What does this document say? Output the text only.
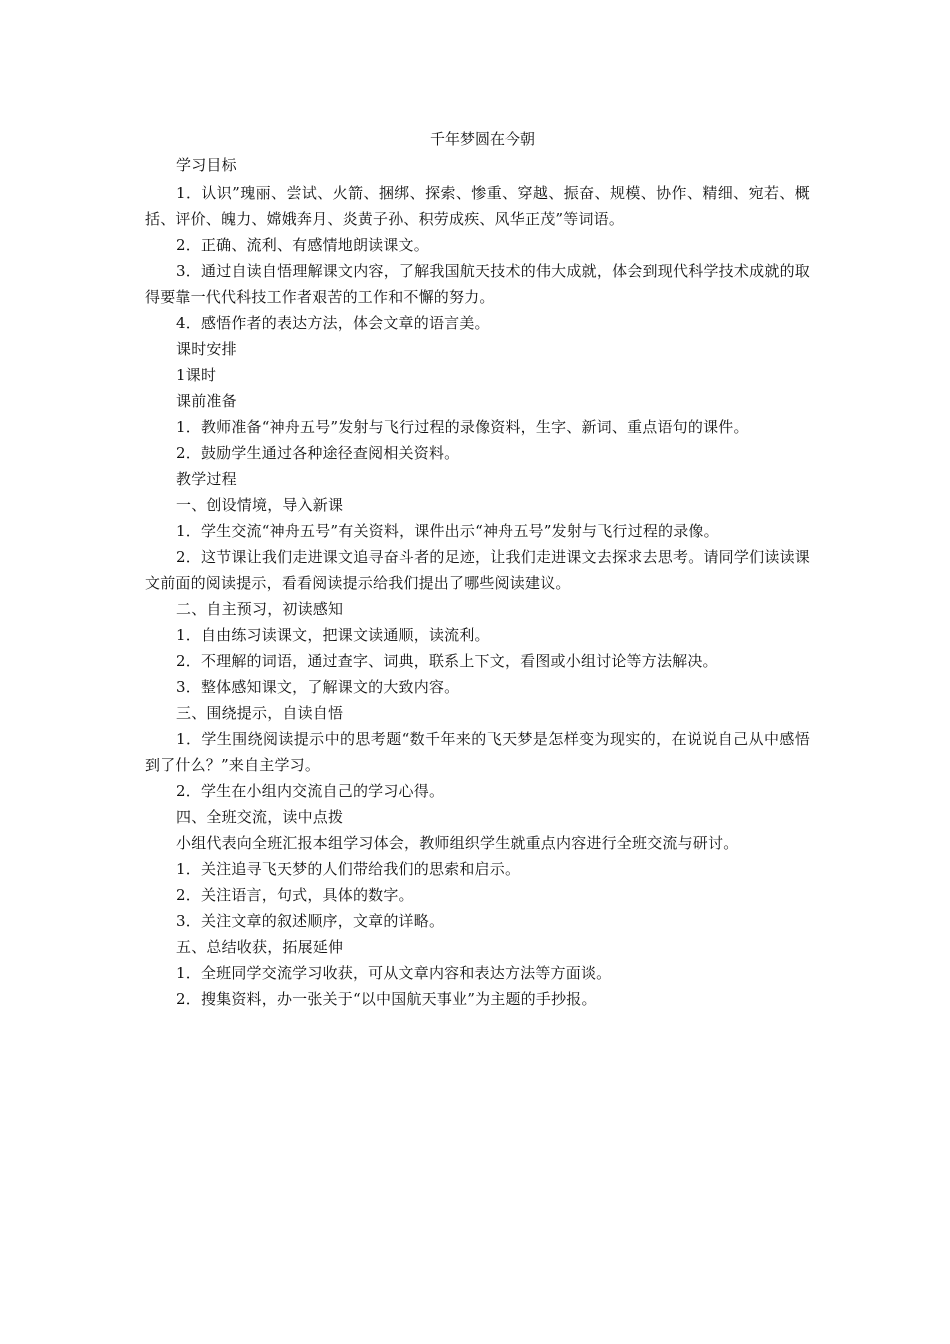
千年梦圆在今朝

学习目标

1．认识”瑰丽、尝试、火箭、捆绑、探索、惨重、穿越、振奋、规模、协作、精细、宛若、概括、评价、魄力、嫦娥奔月、炎黄子孙、积劳成疾、风华正茂”等词语。

2．正确、流利、有感情地朗读课文。

3．通过自读自悟理解课文内容，了解我国航天技术的伟大成就，体会到现代科学技术成就的取得要靠一代代科技工作者艰苦的工作和不懈的努力。

4．感悟作者的表达方法，体会文章的语言美。

课时安排

1课时

课前准备

1．教师准备“神舟五号”发射与飞行过程的录像资料，生字、新词、重点语句的课件。

2．鼓励学生通过各种途径查阅相关资料。

教学过程

一、创设情境，导入新课

1．学生交流“神舟五号”有关资料，课件出示“神舟五号”发射与飞行过程的录像。

2．这节课让我们走进课文追寻奋斗者的足迹，让我们走进课文去探求去思考。请同学们读读课文前面的阅读提示，看看阅读提示给我们提出了哪些阅读建议。

二、自主预习，初读感知

1．自由练习读课文，把课文读通顺，读流利。

2．不理解的词语，通过查字、词典，联系上下文，看图或小组讨论等方法解决。

3．整体感知课文，了解课文的大致内容。

三、围绕提示，自读自悟

1．学生围绕阅读提示中的思考题“数千年来的飞天梦是怎样变为现实的，在说说自己从中感悟到了什么？”来自主学习。

2．学生在小组内交流自己的学习心得。

四、全班交流，读中点拨

小组代表向全班汇报本组学习体会，教师组织学生就重点内容进行全班交流与研讨。

1．关注追寻飞天梦的人们带给我们的思索和启示。

2．关注语言，句式，具体的数字。

3．关注文章的叙述顺序，文章的详略。

五、总结收获，拓展延伸

1．全班同学交流学习收获，可从文章内容和表达方法等方面谈。

2．搜集资料，办一张关于“以中国航天事业”为主题的手抄报。
